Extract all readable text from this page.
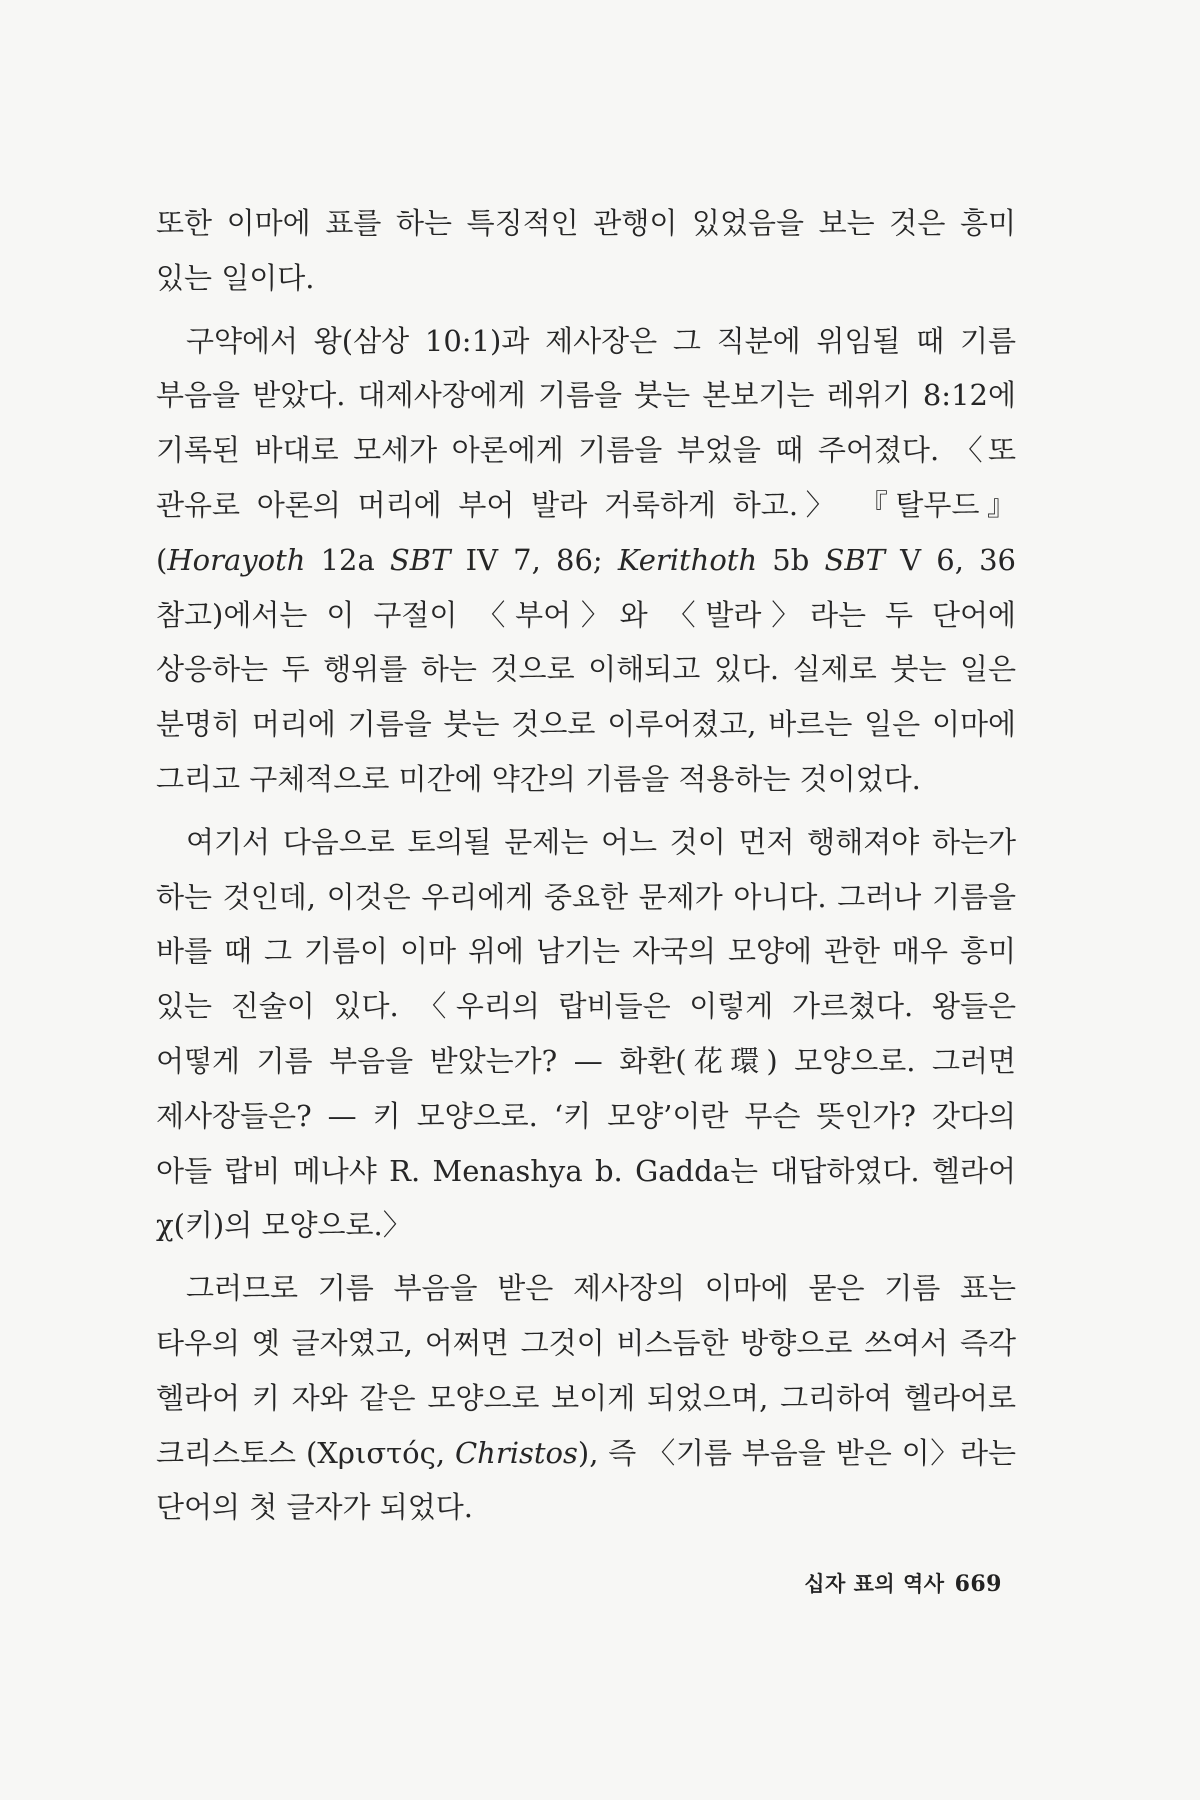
또한 이마에 표를 하는 특징적인 관행이 있었음을 보는 것은 흥미 있는 일이다.

구약에서 왕(삼상 10:1)과 제사장은 그 직분에 위임될 때 기름 부음을 받았다. 대제사장에게 기름을 붓는 본보기는 레위기 8:12에 기록된 바대로 모세가 아론에게 기름을 부었을 때 주어졌다. 〈또 관유로 아론의 머리에 부어 발라 거룩하게 하고.〉 『탈무드』(Horayoth 12a SBT IV 7, 86; Kerithoth 5b SBT V 6, 36 참고)에서는 이 구절이 〈부어〉와 〈발라〉라는 두 단어에 상응하는 두 행위를 하는 것으로 이해되고 있다. 실제로 붓는 일은 분명히 머리에 기름을 붓는 것으로 이루어졌고, 바르는 일은 이마에 그리고 구체적으로 미간에 약간의 기름을 적용하는 것이었다.

여기서 다음으로 토의될 문제는 어느 것이 먼저 행해져야 하는가 하는 것인데, 이것은 우리에게 중요한 문제가 아니다. 그러나 기름을 바를 때 그 기름이 이마 위에 남기는 자국의 모양에 관한 매우 흥미 있는 진술이 있다. 〈우리의 랍비들은 이렇게 가르쳤다. 왕들은 어떻게 기름 부음을 받았는가? — 화환(花環) 모양으로. 그러면 제사장들은? — 키 모양으로. ‘키 모양’이란 무슨 뜻인가? 갓다의 아들 랍비 메나샤 R. Menashya b. Gadda는 대답하였다. 헬라어 χ(키)의 모양으로.〉

그러므로 기름 부음을 받은 제사장의 이마에 묻은 기름 표는 타우의 옛 글자였고, 어쩌면 그것이 비스듬한 방향으로 쓰여서 즉각 헬라어 키 자와 같은 모양으로 보이게 되었으며, 그리하여 헬라어로 크리스토스 (Χριστός, Christos), 즉 〈기름 부음을 받은 이〉라는 단어의 첫 글자가 되었다.

십자 표의 역사 669
